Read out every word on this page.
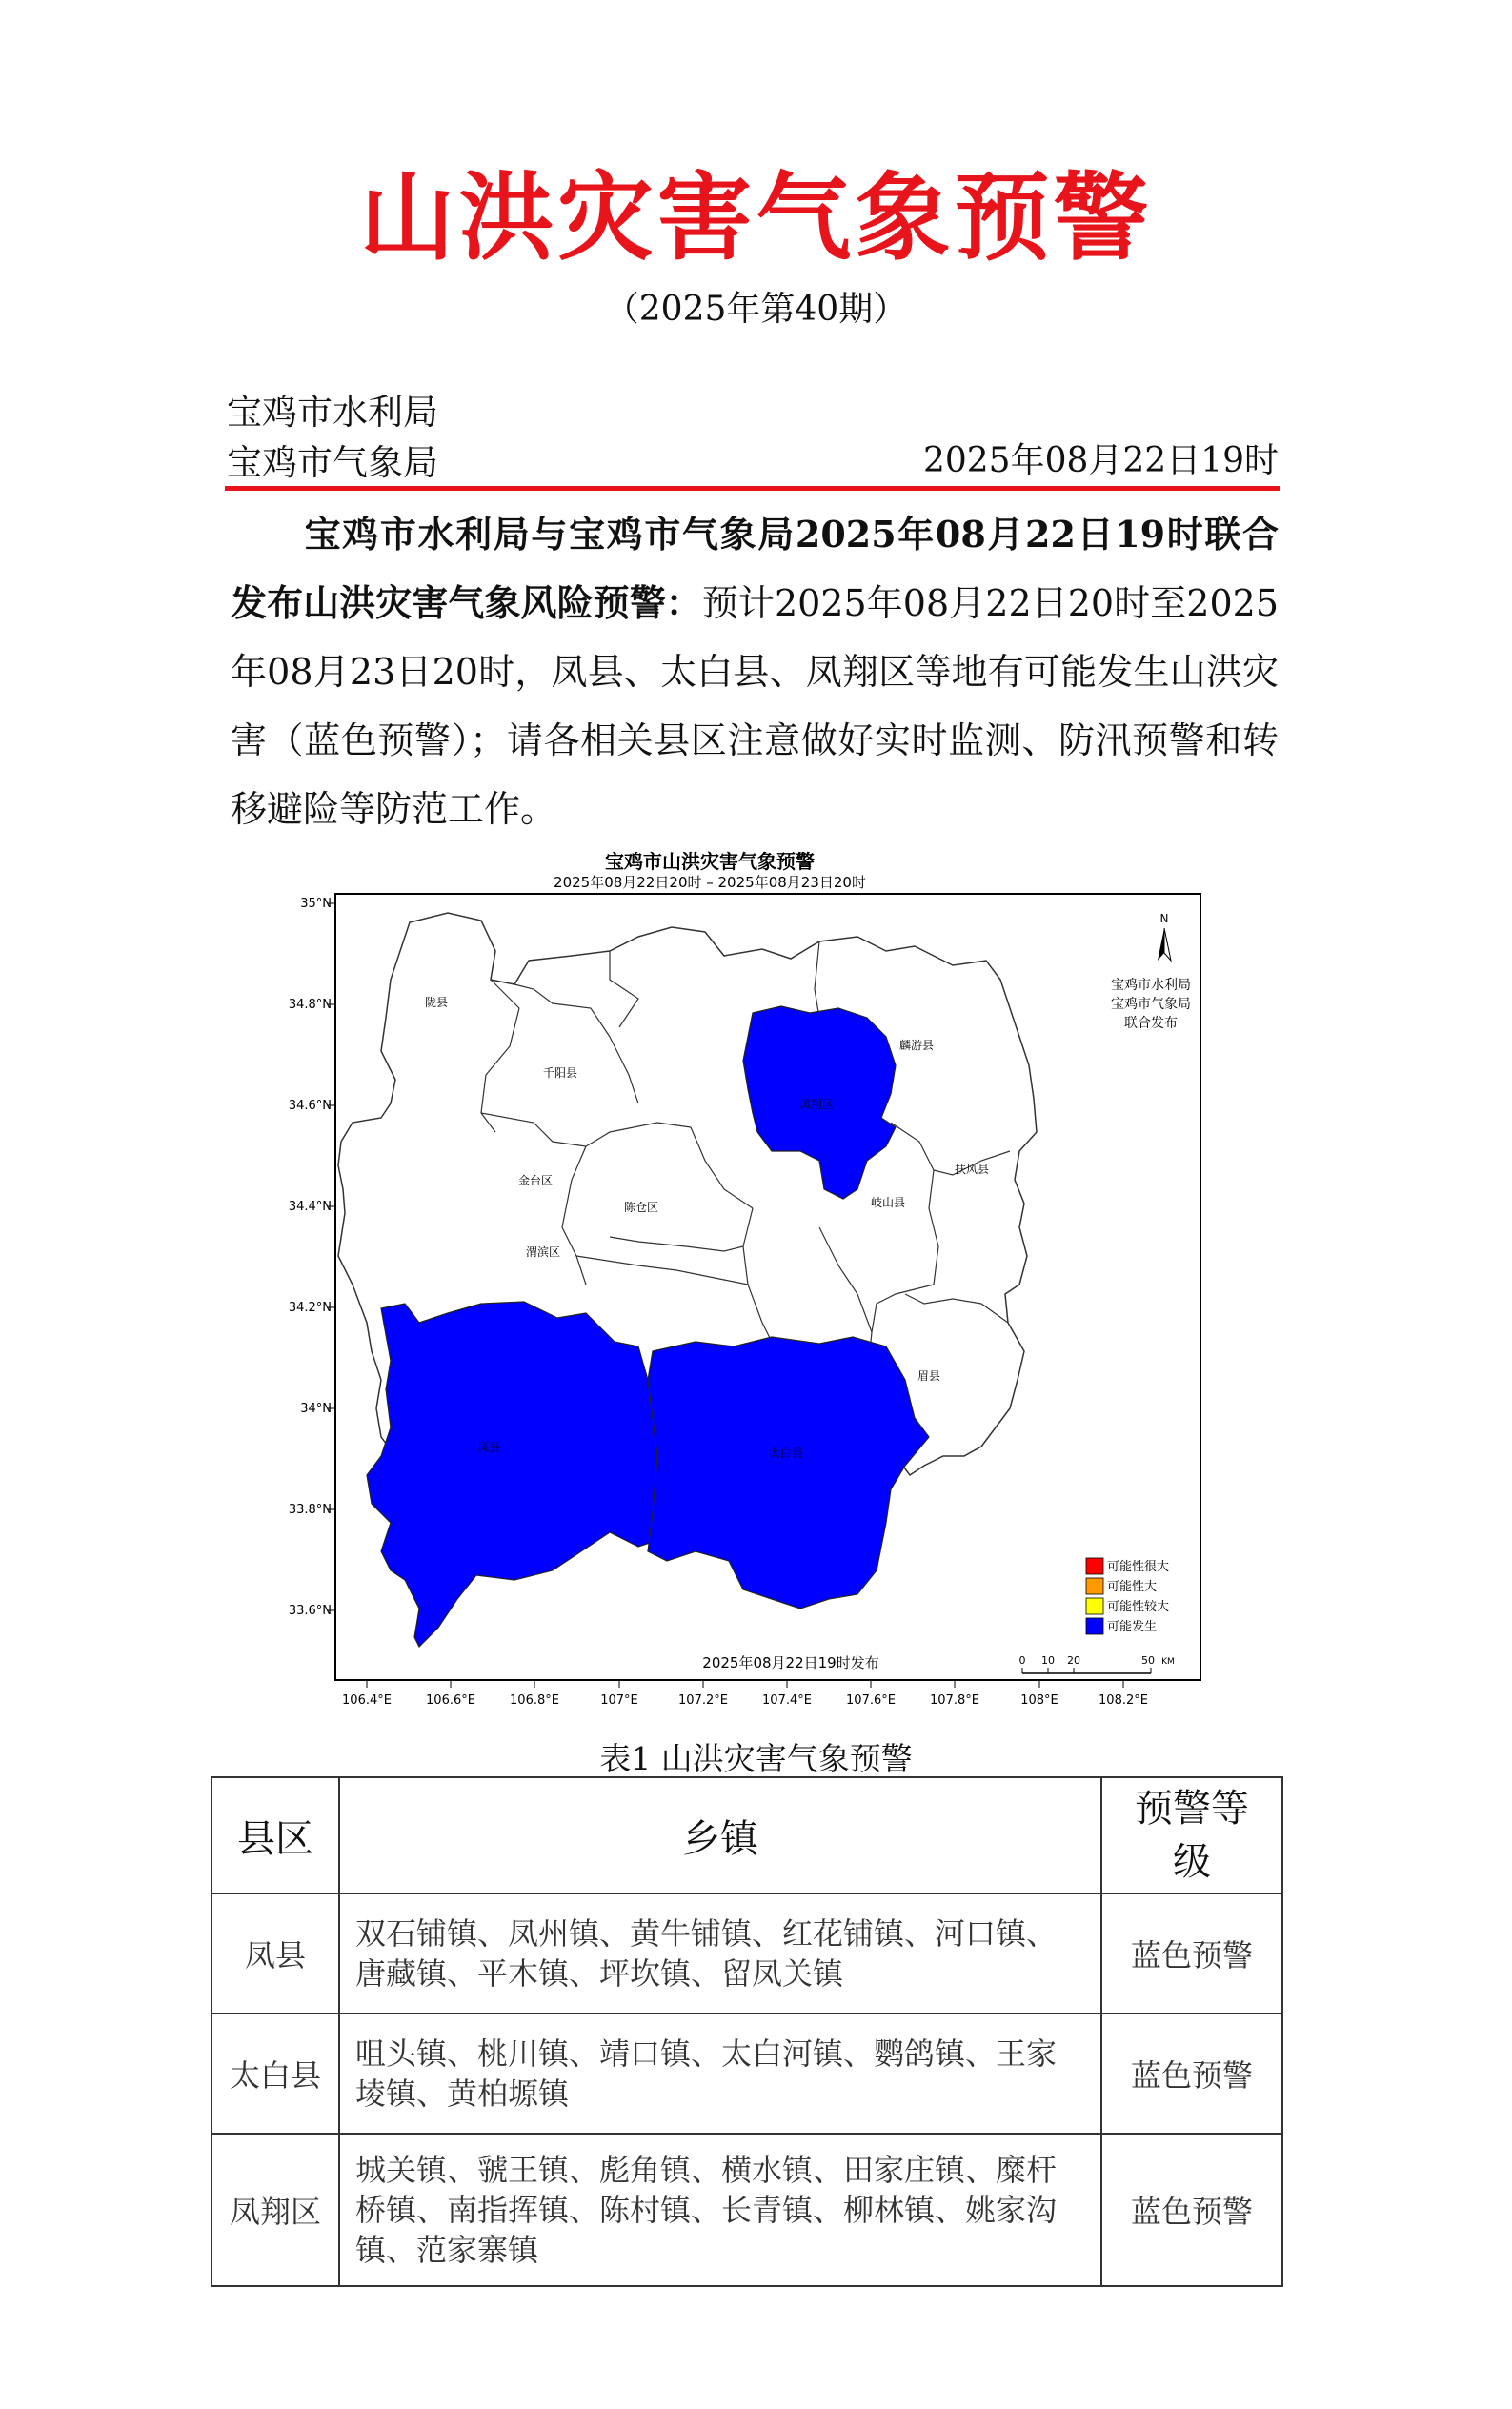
山洪灾害气象预警
（2025年第40期）
宝鸡市水利局
宝鸡市气象局	2025年08月22日19时
宝鸡市水利局与宝鸡市气象局2025年08月22日19时联合发布山洪灾害气象风险预警：预计2025年08月22日20时至2025年08月23日20时，凤县、太白县、凤翔区等地有可能发生山洪灾害（蓝色预警）；请各相关县区注意做好实时监测、防汛预警和转移避险等防范工作。
宝鸡市山洪灾害气象预警
2025年08月22日20时 – 2025年08月23日20时
35°N
34.8°N
34.6°N
34.4°N
34.2°N
34°N
33.8°N
33.6°N
106.4°E	106.6°E	106.8°E	107°E	107.2°E	107.4°E	107.6°E	107.8°E	108°E	108.2°E
陇县
千阳县
麟游县
凤翔区
金台区
陈仓区
渭滨区
岐山县
扶风县
眉县
凤县	太白县
N
宝鸡市水利局
宝鸡市气象局
联合发布
可能性很大
可能性大
可能性较大
可能发生
2025年08月22日19时发布	0 10 20	50 KM
表1 山洪灾害气象预警
县区	乡镇	预警等级
凤县	双石铺镇、凤州镇、黄牛铺镇、红花铺镇、河口镇、唐藏镇、平木镇、坪坎镇、留凤关镇	蓝色预警
太白县	咀头镇、桃川镇、靖口镇、太白河镇、鹦鸽镇、王家堎镇、黄柏塬镇	蓝色预警
凤翔区	城关镇、虢王镇、彪角镇、横水镇、田家庄镇、糜杆桥镇、南指挥镇、陈村镇、长青镇、柳林镇、姚家沟镇、范家寨镇	蓝色预警
